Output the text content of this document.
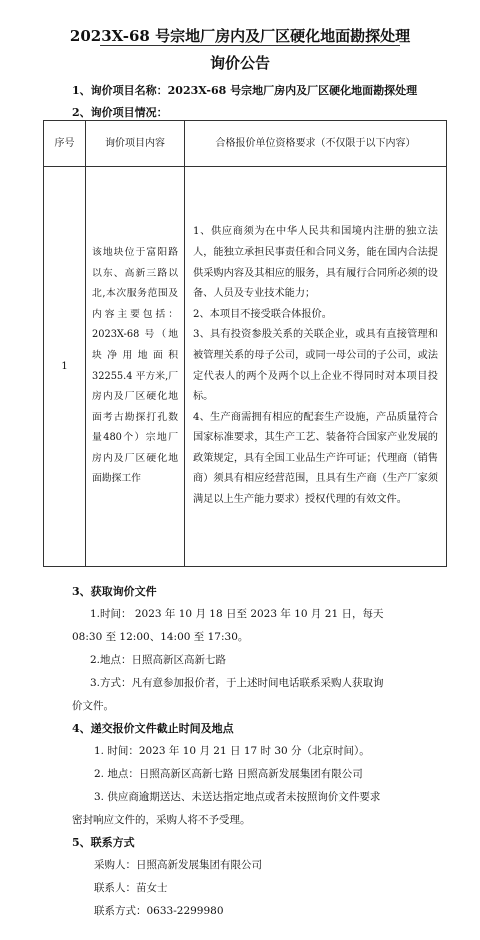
2023X-68 号宗地厂房内及厂区硬化地面勘探处理
询价公告
1、询价项目名称：2023X-68 号宗地厂房内及厂区硬化地面勘探处理
2、询价项目情况：
序号	询价项目内容	合格报价单位资格要求（不仅限于以下内容）
1	该地块位于富阳路以东、高新三路以北,本次服务范围及内容主要包括：2023X-68 号（地块净用地面积32255.4 平方米,厂房内及厂区硬化地面考古勘探打孔数量480个）宗地厂房内及厂区硬化地面勘探工作	1、供应商须为在中华人民共和国境内注册的独立法人，能独立承担民事责任和合同义务，能在国内合法提供采购内容及其相应的服务，具有履行合同所必须的设备、人员及专业技术能力；
2、本项目不接受联合体报价。
3、具有投资参股关系的关联企业，或具有直接管理和被管理关系的母子公司，或同一母公司的子公司，或法定代表人的两个及两个以上企业不得同时对本项目投标。
4、生产商需拥有相应的配套生产设施，产品质量符合国家标准要求，其生产工艺、装备符合国家产业发展的政策规定，具有全国工业品生产许可证；代理商（销售商）须具有相应经营范围，且具有生产商（生产厂家须满足以上生产能力要求）授权代理的有效文件。
3、获取询价文件
1.时间： 2023 年 10 月 18 日至 2023 年 10 月 21 日，每天
08:30 至 12:00、14:00 至 17:30。
2.地点：日照高新区高新七路
3.方式：凡有意参加报价者，于上述时间电话联系采购人获取询
价文件。
4、递交报价文件截止时间及地点
1. 时间：2023 年 10 月 21 日 17 时 30 分（北京时间）。
2. 地点：日照高新区高新七路 日照高新发展集团有限公司
3. 供应商逾期送达、未送达指定地点或者未按照询价文件要求
密封响应文件的，采购人将不予受理。
5、联系方式
采购人：日照高新发展集团有限公司
联系人：苗女士
联系方式：0633-2299980
